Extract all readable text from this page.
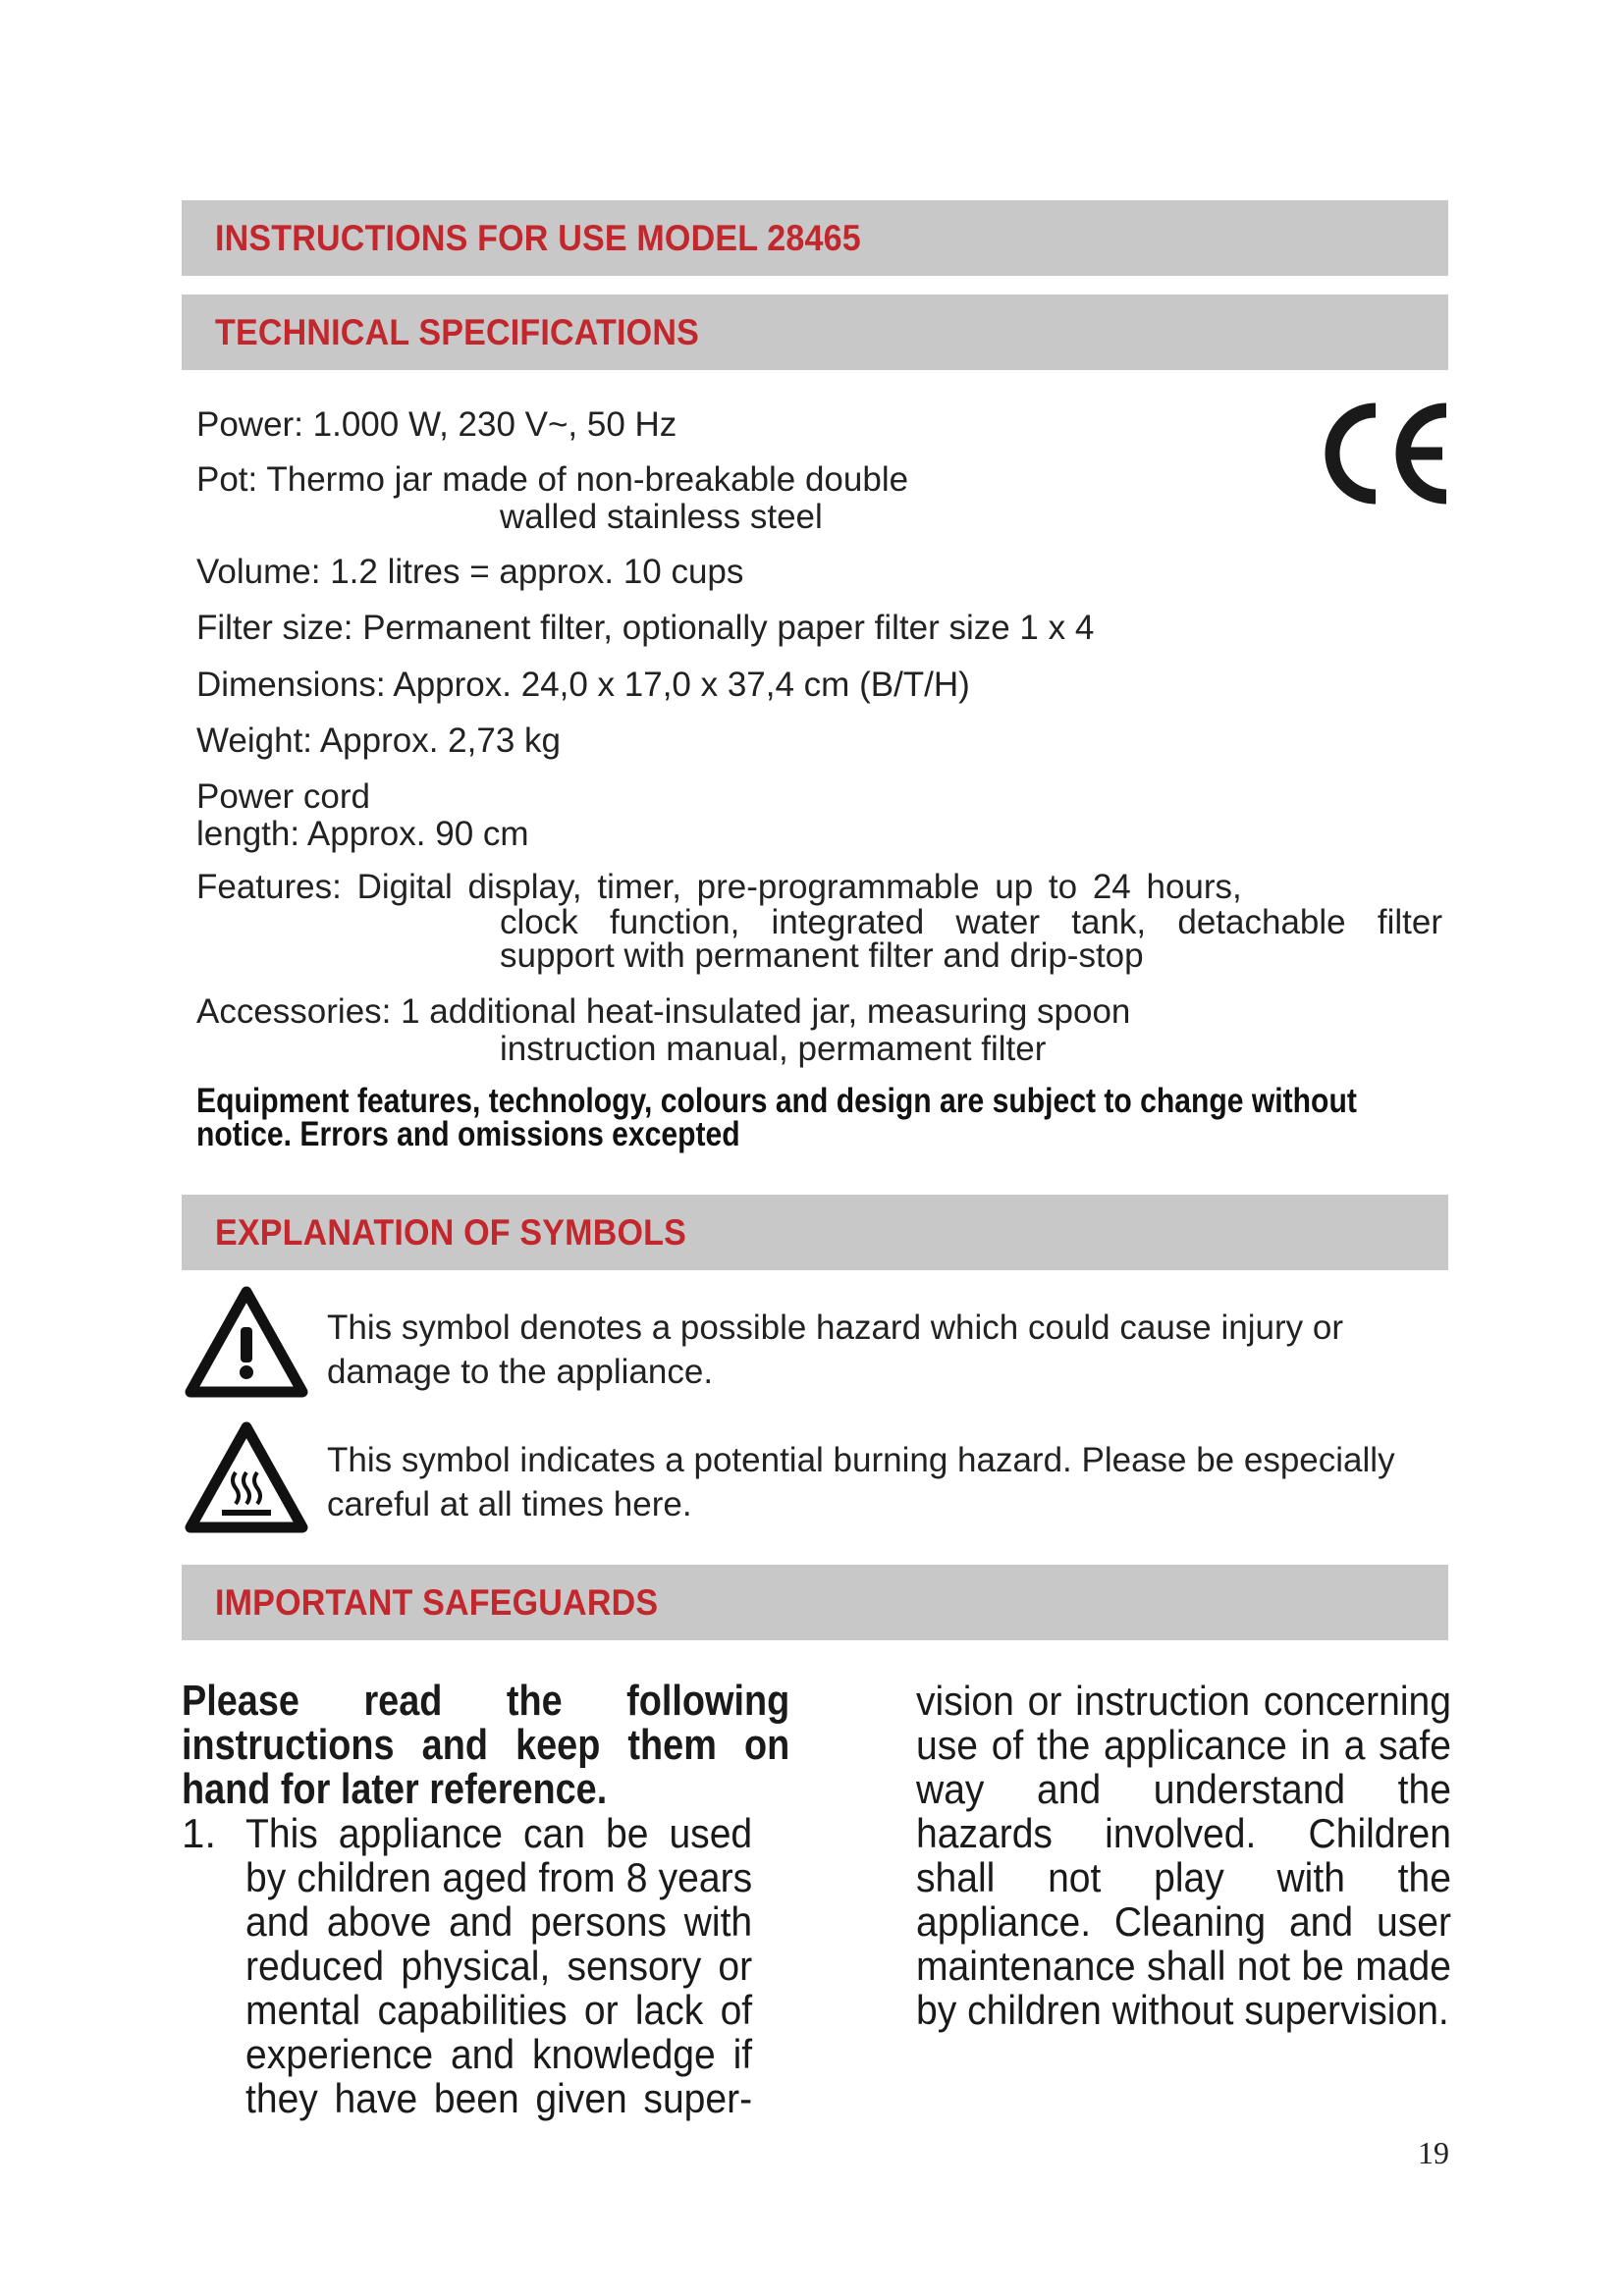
INSTRUCTIONS FOR USE MODEL 28465
TECHNICAL SPECIFICATIONS
Power: 1.000 W, 230 V~, 50 Hz
Pot: Thermo jar made of non-breakable double
walled stainless steel
Volume: 1.2 litres = approx. 10 cups
Filter size: Permanent filter, optionally paper filter size 1 x 4
Dimensions: Approx. 24,0 x 17,0 x 37,4 cm (B/T/H)
Weight: Approx. 2,73 kg
Power cord
length: Approx. 90 cm
Features: Digital display, timer, pre-programmable up to 24 hours,
clock function, integrated water tank, detachable filter
support with permanent filter and drip-stop
Accessories: 1 additional heat-insulated jar, measuring spoon
instruction manual, permament filter
Equipment features, technology, colours and design are subject to change without notice. Errors and omissions excepted
EXPLANATION OF SYMBOLS
This symbol denotes a possible hazard which could cause injury or damage to the appliance.
This symbol indicates a potential burning hazard. Please be especially careful at all times here.
IMPORTANT SAFEGUARDS
Please read the following instructions and keep them on hand for later reference.
1. This appliance can be used by children aged from 8 years and above and persons with reduced physical, sensory or mental capabilities or lack of experience and knowledge if they have been given super-
vision or instruction concerning use of the applicance in a safe way and understand the hazards involved. Children shall not play with the appliance. Cleaning and user maintenance shall not be made by children without supervision.
19
